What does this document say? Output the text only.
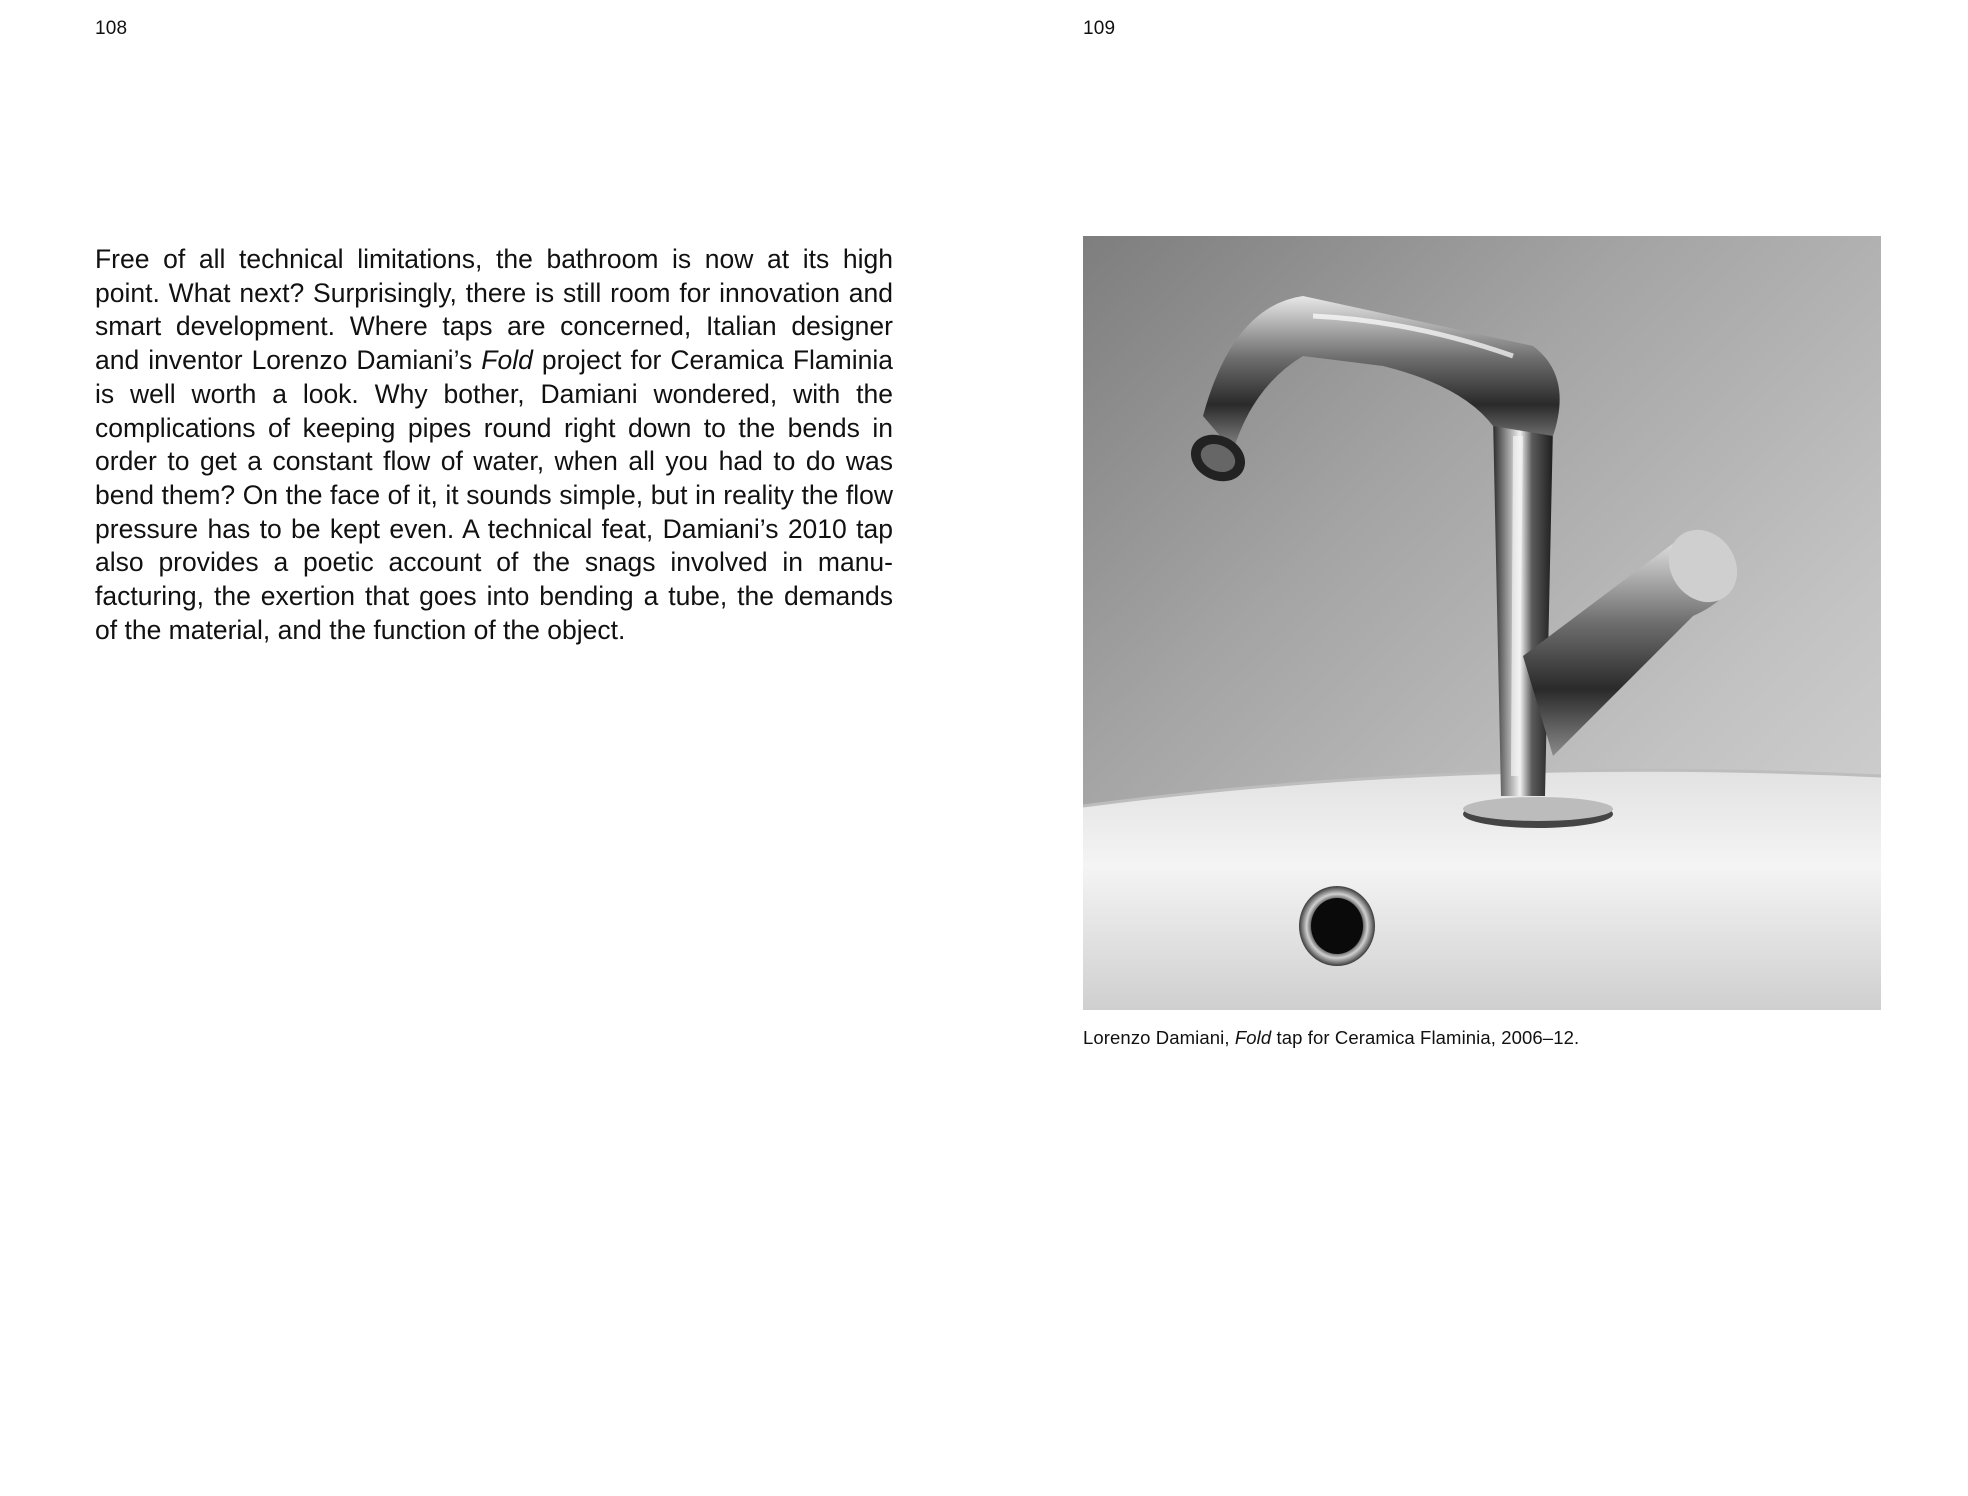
108	109

Free of all technical limitations, the bathroom is now at its high point. What next? Surprisingly, there is still room for innovation and smart development. Where taps are concerned, Italian designer and inventor Lorenzo Damiani’s Fold project for Ceramica Flaminia is well worth a look. Why bother, Damiani wondered, with the complications of keeping pipes round right down to the bends in order to get a constant flow of water, when all you had to do was bend them? On the face of it, it sounds simple, but in reality the flow pressure has to be kept even. A technical feat, Damiani’s 2010 tap also provides a poetic account of the snags involved in manufacturing, the exertion that goes into bending a tube, the demands of the material, and the function of the object.

Lorenzo Damiani, Fold tap for Ceramica Flaminia, 2006–12.
